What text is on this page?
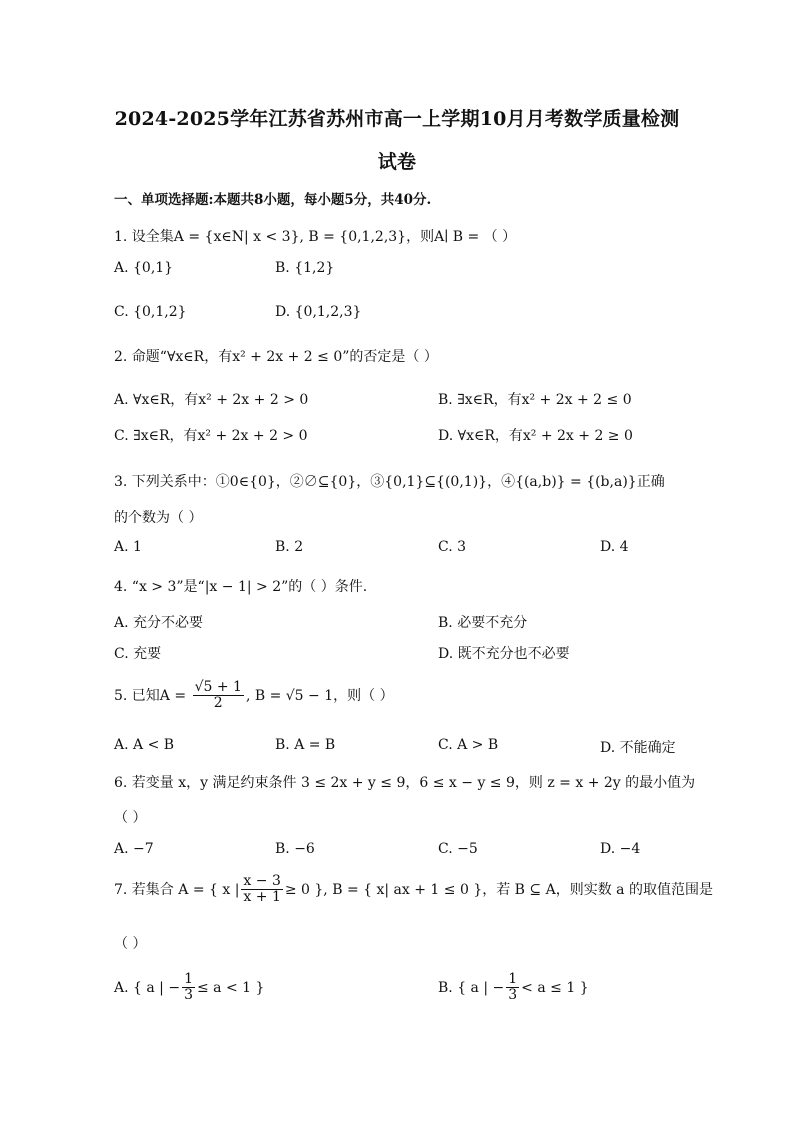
2024-2025学年江苏省苏州市高一上学期10月月考数学质量检测
试卷
一、单项选择题:本题共8小题，每小题5分，共40分.
1. 设全集A = {x∈N| x < 3}, B = {0,1,2,3}，则A∣ B = （ ）
A. {0,1}	B. {1,2}
C. {0,1,2}	D. {0,1,2,3}
2. 命题“∀x∈R，有x² + 2x + 2 ≤ 0”的否定是（ ）
A. ∀x∈R，有x² + 2x + 2 > 0	B. ∃x∈R，有x² + 2x + 2 ≤ 0
C. ∃x∈R，有x² + 2x + 2 > 0	D. ∀x∈R，有x² + 2x + 2 ≥ 0
3. 下列关系中：①0∈{0}，②∅⊆{0}，③{0,1}⊆{(0,1)}，④{(a,b)} = {(b,a)}正确
的个数为（ ）
A. 1	B. 2	C. 3	D. 4
4. “x > 3”是“|x − 1| > 2”的（ ）条件.
A. 充分不必要	B. 必要不充分
C. 充要	D. 既不充分也不必要
5. 已知$A = \frac{√5 + 1}{2}$ , B = √5 − 1，则（ ）
A. A < B	B. A = B	C. A > B	D. 不能确定
6. 若变量 x，y 满足约束条件 3 ≤ 2x + y ≤ 9，6 ≤ x − y ≤ 9，则 z = x + 2y 的最小值为
（ ）
A. −7	B. −6	C. −5	D. −4
7. 若集合 A = { x | $\frac{x - 3}{x + 1} \ge 0$ }, B = { x| ax + 1 ≤ 0 }，若 B ⊆ A，则实数 a 的取值范围是
（ ）
A. { a | − $\frac{1}{3} \le a < 1$ }	B. { a | − $\frac{1}{3} < a \le 1$ }
